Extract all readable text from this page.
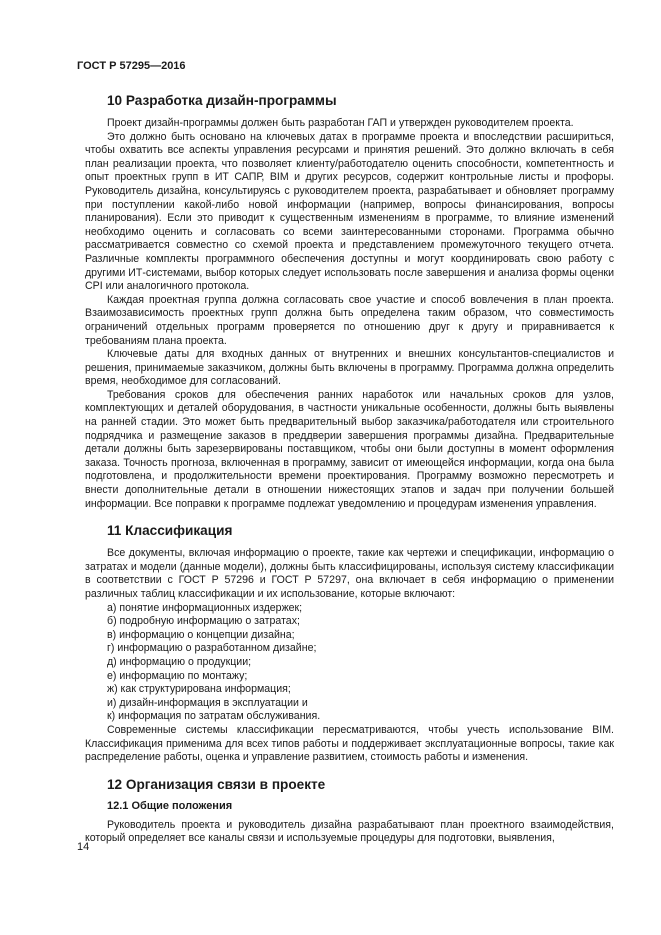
ГОСТ Р 57295—2016
10 Разработка дизайн-программы

Проект дизайн-программы должен быть разработан ГАП и утвержден руководителем проекта.

Это должно быть основано на ключевых датах в программе проекта и впоследствии расшириться, чтобы охватить все аспекты управления ресурсами и принятия решений. Это должно включать в себя план реализации проекта, что позволяет клиенту/работодателю оценить способности, компетентность и опыт проектных групп в ИТ САПР, BIM и других ресурсов, содержит контрольные листы и профоры. Руководитель дизайна, консультируясь с руководителем проекта, разрабатывает и обновляет программу при поступлении какой-либо новой информации (например, вопросы финансирования, вопросы планирования). Если это приводит к существенным изменениям в программе, то влияние изменений необходимо оценить и согласовать со всеми заинтересованными сторонами. Программа обычно рассматривается совместно со схемой проекта и представлением промежуточного текущего отчета. Различные комплекты программного обеспечения доступны и могут координировать свою работу с другими ИТ-системами, выбор которых следует использовать после завершения и анализа формы оценки CPI или аналогичного протокола.

Каждая проектная группа должна согласовать свое участие и способ вовлечения в план проекта. Взаимозависимость проектных групп должна быть определена таким образом, что совместимость ограничений отдельных программ проверяется по отношению друг к другу и приравнивается к требованиям плана проекта.

Ключевые даты для входных данных от внутренних и внешних консультантов-специалистов и решения, принимаемые заказчиком, должны быть включены в программу. Программа должна определить время, необходимое для согласований.

Требования сроков для обеспечения ранних наработок или начальных сроков для узлов, комплектующих и деталей оборудования, в частности уникальные особенности, должны быть выявлены на ранней стадии. Это может быть предварительный выбор заказчика/работодателя или строительного подрядчика и размещение заказов в преддверии завершения программы дизайна. Предварительные детали должны быть зарезервированы поставщиком, чтобы они были доступны в момент оформления заказа. Точность прогноза, включенная в программу, зависит от имеющейся информации, когда она была подготовлена, и продолжительности времени проектирования. Программу возможно пересмотреть и внести дополнительные детали в отношении нижестоящих этапов и задач при получении большей информации. Все поправки к программе подлежат уведомлению и процедурам изменения управления.

11 Классификация

Все документы, включая информацию о проекте, такие как чертежи и спецификации, информацию о затратах и модели (данные модели), должны быть классифицированы, используя систему классификации в соответствии с ГОСТ Р 57296 и ГОСТ Р 57297, она включает в себя информацию о применении различных таблиц классификации и их использование, которые включают:

а) понятие информационных издержек;
б) подробную информацию о затратах;
в) информацию о концепции дизайна;
г) информацию о разработанном дизайне;
д) информацию о продукции;
е) информацию по монтажу;
ж) как структурирована информация;
и) дизайн-информация в эксплуатации и
к) информация по затратам обслуживания.

Современные системы классификации пересматриваются, чтобы учесть использование BIM. Классификация применима для всех типов работы и поддерживает эксплуатационные вопросы, такие как распределение работы, оценка и управление развитием, стоимость работы и изменения.

12 Организация связи в проекте
12.1 Общие положения

Руководитель проекта и руководитель дизайна разрабатывают план проектного взаимодействия, который определяет все каналы связи и используемые процедуры для подготовки, выявления,

14
